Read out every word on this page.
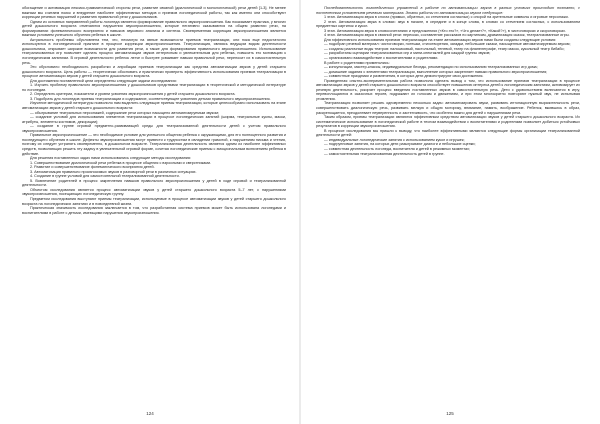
обогащение и активизация лексико-грамматической стороны речи, развитие связной (диалогической и монологической) речи детей [1-3]. Не менее важным мы считаем поиск и внедрение наиболее эффективных методов и приемов логопедической работы, так как именно они способствуют коррекции речевых нарушений и развитию правильной речи у дошкольников.

Одним из основных направлений работы логопеда является формирование правильного звукопроизношения. Как показывает практика, у многих детей дошкольного возраста отмечаются нарушения звукопроизношения, которые негативно сказываются на общем развитии речи, на формировании фонематического восприятия и навыков звукового анализа и синтеза. Своевременная коррекция звукопроизношения является важным условием успешного обучения ребенка в школе.

Актуальность проблемы обусловлена тем, что, несмотря на явные возможности приемов театрализации, они пока еще недостаточно используются в логопедической практике в процессе коррекции звукопроизношения. Театрализация, являясь ведущим видом деятельности дошкольника, открывает широкие возможности для развития речи, а также для формирования правильного звукопроизношения. Использование театрализованных игр позволяет сделать процесс автоматизации звуков интересным и увлекательным для ребенка, повысить его мотивацию к логопедическим занятиям. В игровой деятельности ребенок легче и быстрее усваивает навыки правильной речи, переносит их в самостоятельную речь.

Это обусловило необходимость разработки и апробации приемов театрализации как средства автоматизации звуков у детей старшего дошкольного возраста. Цель работы — теоретически обосновать и практически проверить эффективность использования приемов театрализации в процессе автоматизации звуков у детей старшего дошкольного возраста.

Для достижения поставленной цели определены следующие задачи исследования:

1. Изучить проблему правильного звукопроизношения у дошкольников средствами театрализации в теоретической и методической литературе по логопедии.

2. Определить критерии, показатели и уровни усвоения звукопроизношения у детей старшего дошкольного возраста.

3. Подобрать для логопедов приемы театрализации и содержание, соответствующее усвоению детьми правильного звукопроизношения.

Изучение методической литературы позволило нам выделить следующие приемы театрализации, которые целесообразно использовать на этапе автоматизации звуков у детей старшего дошкольного возраста:

— обыгрывание театральных персонажей, содержание речи которых насыщено автоматизируемым звуком;

— создание условий для использования элементов театрализации в процессе логопедических занятий (ширма, театральные куклы, маски, атрибуты, элементы костюмов, декорации);

— создание в группе игровой предметно-развивающей среды для театрализованной деятельности детей с учетом правильного звукопроизношения.

Правильное звукопроизношение — это необходимое условие для успешного общения ребенка с окружающими, для его полноценного развития и последующего обучения в школе. Дефекты звукопроизношения могут привести к трудностям в овладении грамотой, к нарушениям письма и чтения, поэтому их следует устранять своевременно, в дошкольном возрасте. Театрализованная деятельность является одним из наиболее эффективных средств, позволяющих решить эту задачу в увлекательной игровой форме, сочетая логопедические приемы с эмоциональным включением ребенка в действие.

Для решения поставленных задач нами использовались следующие методы исследования:

1. Совершенствование диалогической речи ребенка в процессе общения с взрослыми и сверстниками.

2. Развитие и совершенствование фонематического восприятия детей.

3. Автоматизация правильно произносимых звуков в разговорной речи в различных ситуациях.

4. Создание в группе условий для самостоятельной театрализованной деятельности.

5. Вовлечение родителей в процесс закрепления навыков правильного звукопроизношения у детей в ходе игровой и театрализованной деятельности.

Объектом исследования является процесс автоматизации звуков у детей старшего дошкольного возраста 5–7 лет, с нарушениями звукопроизношения, посещающих логопедическую группу.

Предметом исследования выступают приемы театрализации, используемые в процессе автоматизации звуков у детей старшего дошкольного возраста на логопедических занятиях и в повседневной жизни.

Практическая значимость исследования заключается в том, что разработанная система приемов может быть использована логопедами и воспитателями в работе с детьми, имеющими нарушения звукопроизношения.

124

Последовательность логопедических упражнений в работе по автоматизации звуков в разных условиях происходит поэтапно, с постепенным усложнением речевого материала. Этапы работы по автоматизации звуков следующие:

1 этап. Автоматизация звука в слогах (прямых, обратных, со стечением согласных) с опорой на зрительные символы и игровые персонажи.

2 этап. Автоматизация звука в словах: звук в начале, в середине и в конце слова, в словах со стечением согласных, с использованием предметных картинок и кукол.

3 этап. Автоматизация звука в словосочетаниях и предложениях («Кто это?», «Что делает?», «Какой?»), в чистоговорках и скороговорках.

4 этап. Автоматизация звука в связной речи: пересказ, составление рассказов по картинкам, драматизация сказок, театрализованные игры.

Для эффективного использования приемов театрализации на этапе автоматизации звуков нами были созданы следующие условия:

— подобран речевой материал: чистоговорки, потешки, стихотворения, загадки, небольшие сказки, насыщенные автоматизируемым звуком;

— созданы различные виды театров: пальчиковый, настольный, теневой, театр на фланелеграфе, театр масок, кукольный театр бибабо;

— разработаны сценарии театрализованных игр и мини-спектаклей для каждой группы звуков;

— организовано взаимодействие с воспитателями и родителями.

В работе с родителями применялись:

— консультации, мастер-классы, индивидуальные беседы, рекомендации по использованию театрализованных игр дома;

— домашние задания с элементами театрализации, выполнение которых закрепляет навыки правильного звукопроизношения;

— совместные праздники и развлечения, в которых дети демонстрируют свои достижения.

Проведенная опытно-экспериментальная работа позволила сделать вывод о том, что использование приемов театрализации в процессе автоматизации звуков у детей старшего дошкольного возраста способствует повышению интереса детей к логопедическим занятиям, активизирует их речевую деятельность, ускоряет процесс введения поставленных звуков в самостоятельную речь. Дети с удовольствием включаются в игру, перевоплощаются в сказочных героев, подражают их голосам и движениям, и при этом многократно повторяют нужный звук, не испытывая утомления.

Театрализация позволяет решать одновременно несколько задач: автоматизировать звуки, развивать интонационную выразительность речи, совершенствовать диалогическую речь, развивать мелкую и общую моторику, внимание, память, воображение. Ребенок, вжившись в образ, раскрепощается, преодолевает неуверенность и застенчивость, что особенно важно для детей с нарушениями речи.

Таким образом, приемы театрализации являются эффективным средством автоматизации звуков у детей старшего дошкольного возраста. Их систематическое использование в логопедической работе в тесном взаимодействии с воспитателями и родителями позволяет добиться устойчивых результатов в коррекции звукопроизношения.

В процессе исследования мы пришли к выводу, что наиболее эффективными являются следующие формы организации театрализованной деятельности детей:

— индивидуальные логопедические занятия с использованием кукол и игрушек;

— подгрупповые занятия, на которых дети разыгрывают диалоги и небольшие сценки;

— совместная деятельность логопеда, воспитателя и детей в режимных моментах;

— самостоятельная театрализованная деятельность детей в группе.

125
